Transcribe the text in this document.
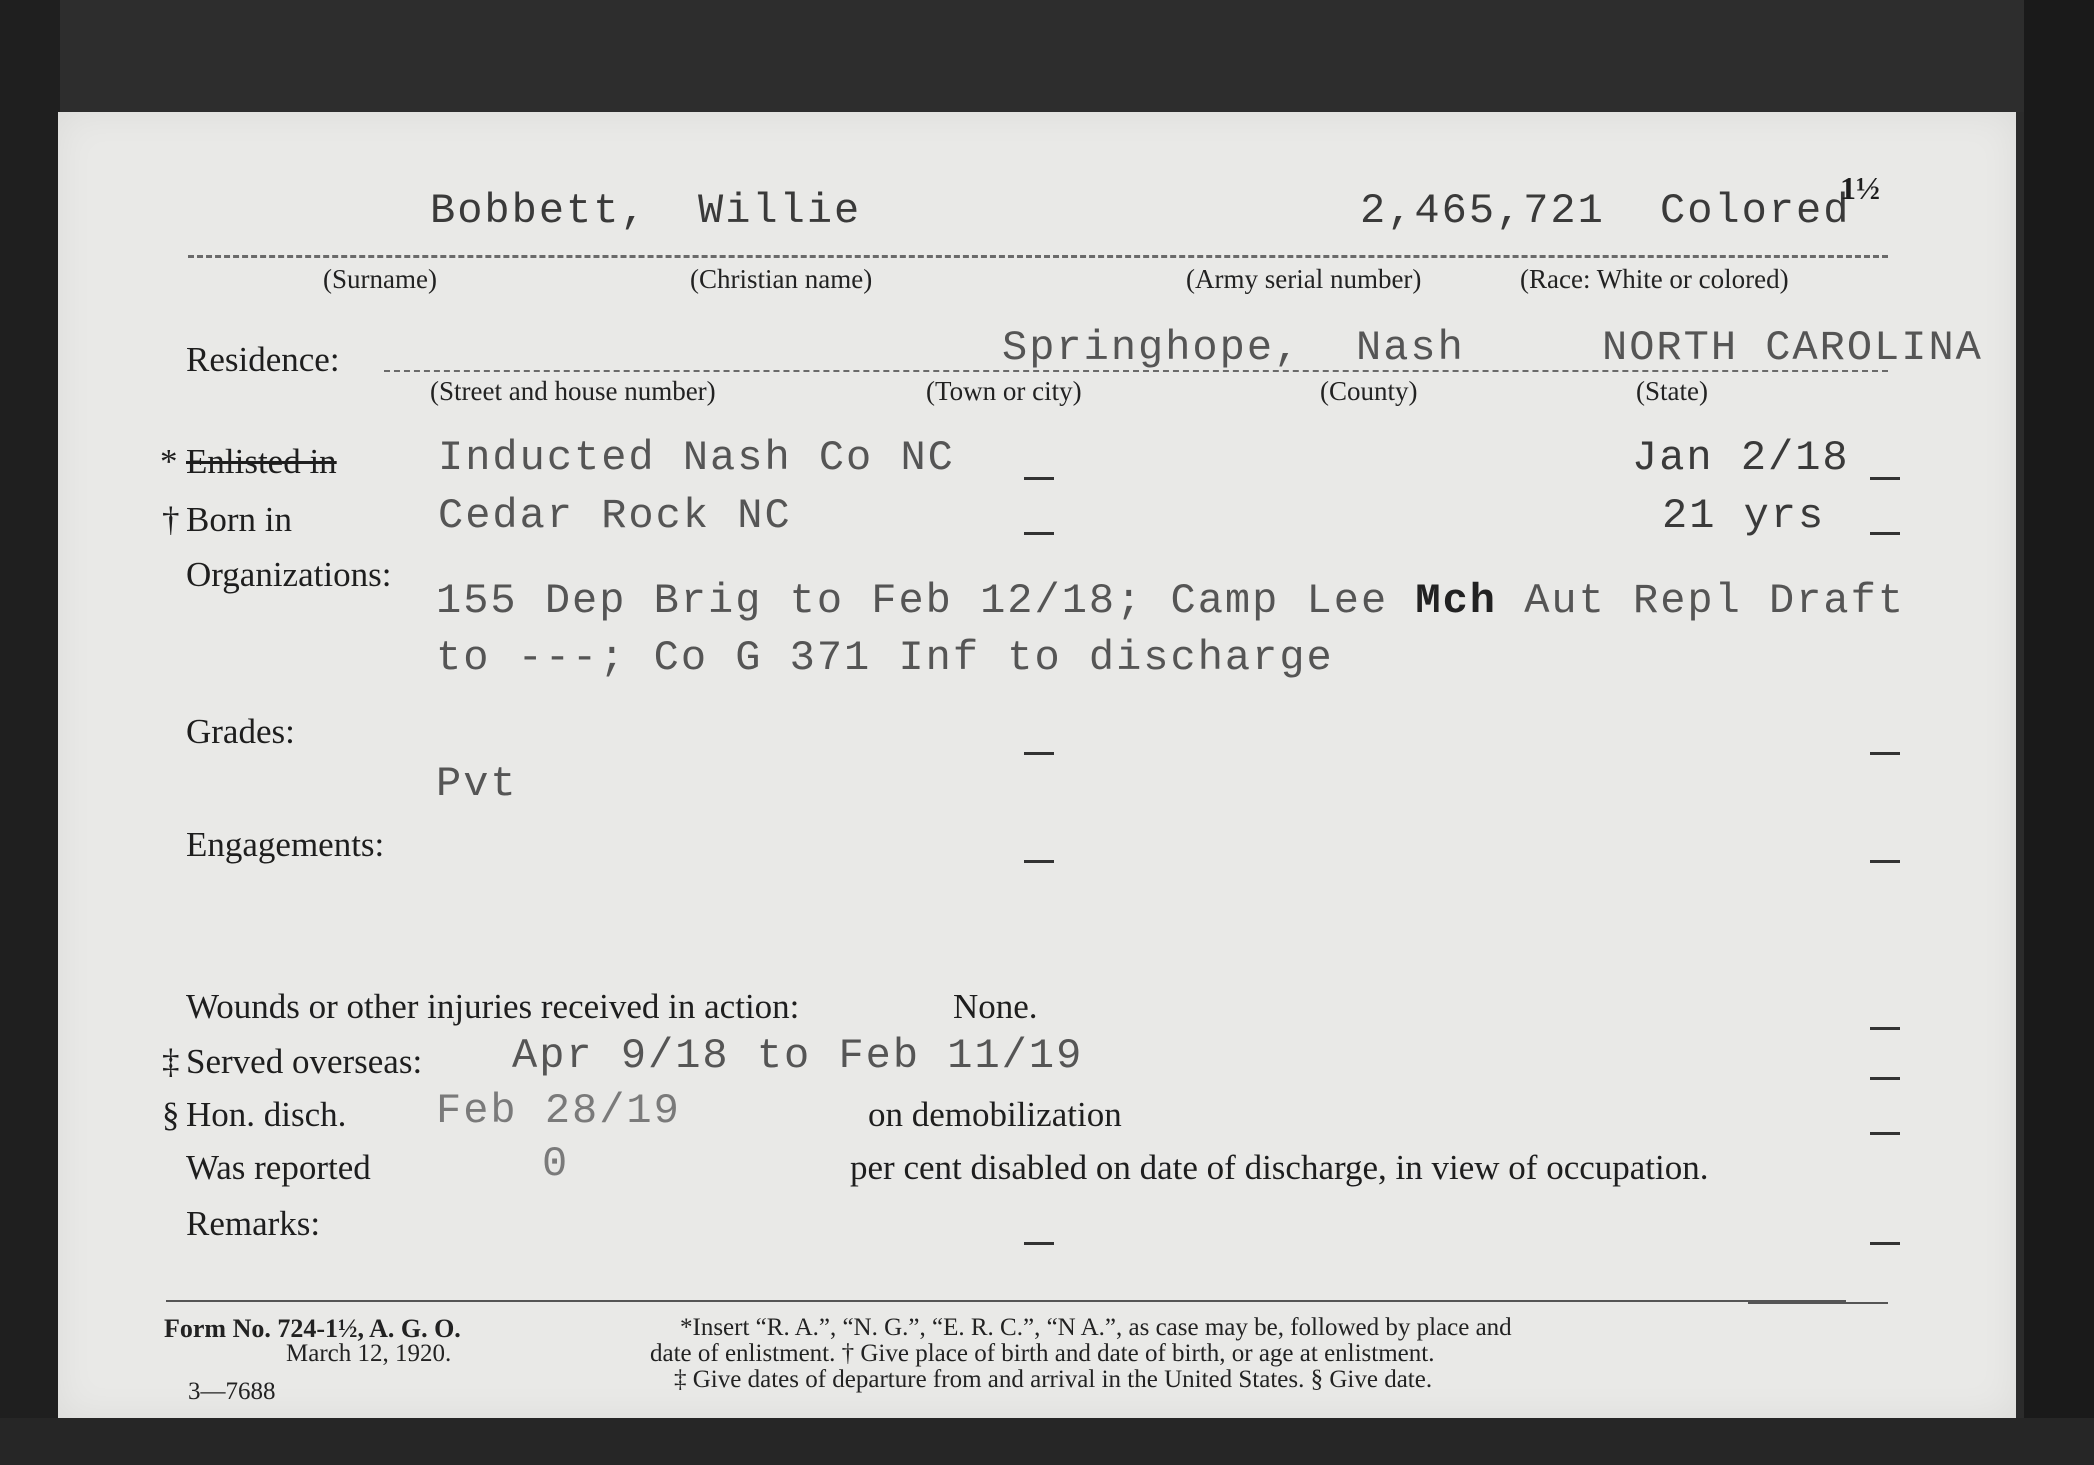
Bobbett, Willie	2,465,721 Colored
1½
(Surname)	(Christian name)	(Army serial number)	(Race: White or colored)
Residence:	Springhope, Nash	NORTH CAROLINA
(Street and house number)	(Town or city)	(County)	(State)
* Enlisted in Inducted Nash Co NC	Jan 2/18
† Born in	Cedar Rock NC	21 yrs
Organizations:
155 Dep Brig to Feb 12/18; Camp Lee Mch Aut Repl Draft
to ---; Co G 371 Inf to discharge
Grades:
Pvt
Engagements:
Wounds or other injuries received in action:	None.
‡ Served overseas: Apr 9/18 to Feb 11/19
§ Hon. disch. Feb 28/19	on demobilization
Was reported	0	per cent disabled on date of discharge, in view of occupation.
Remarks:
Form No. 724-1½, A. G. O.
March 12, 1920.
3—7688
*Insert “R. A.”, “N. G.”, “E. R. C.”, “N A.”, as case may be, followed by place and
date of enlistment. † Give place of birth and date of birth, or age at enlistment.
‡ Give dates of departure from and arrival in the United States. § Give date.
